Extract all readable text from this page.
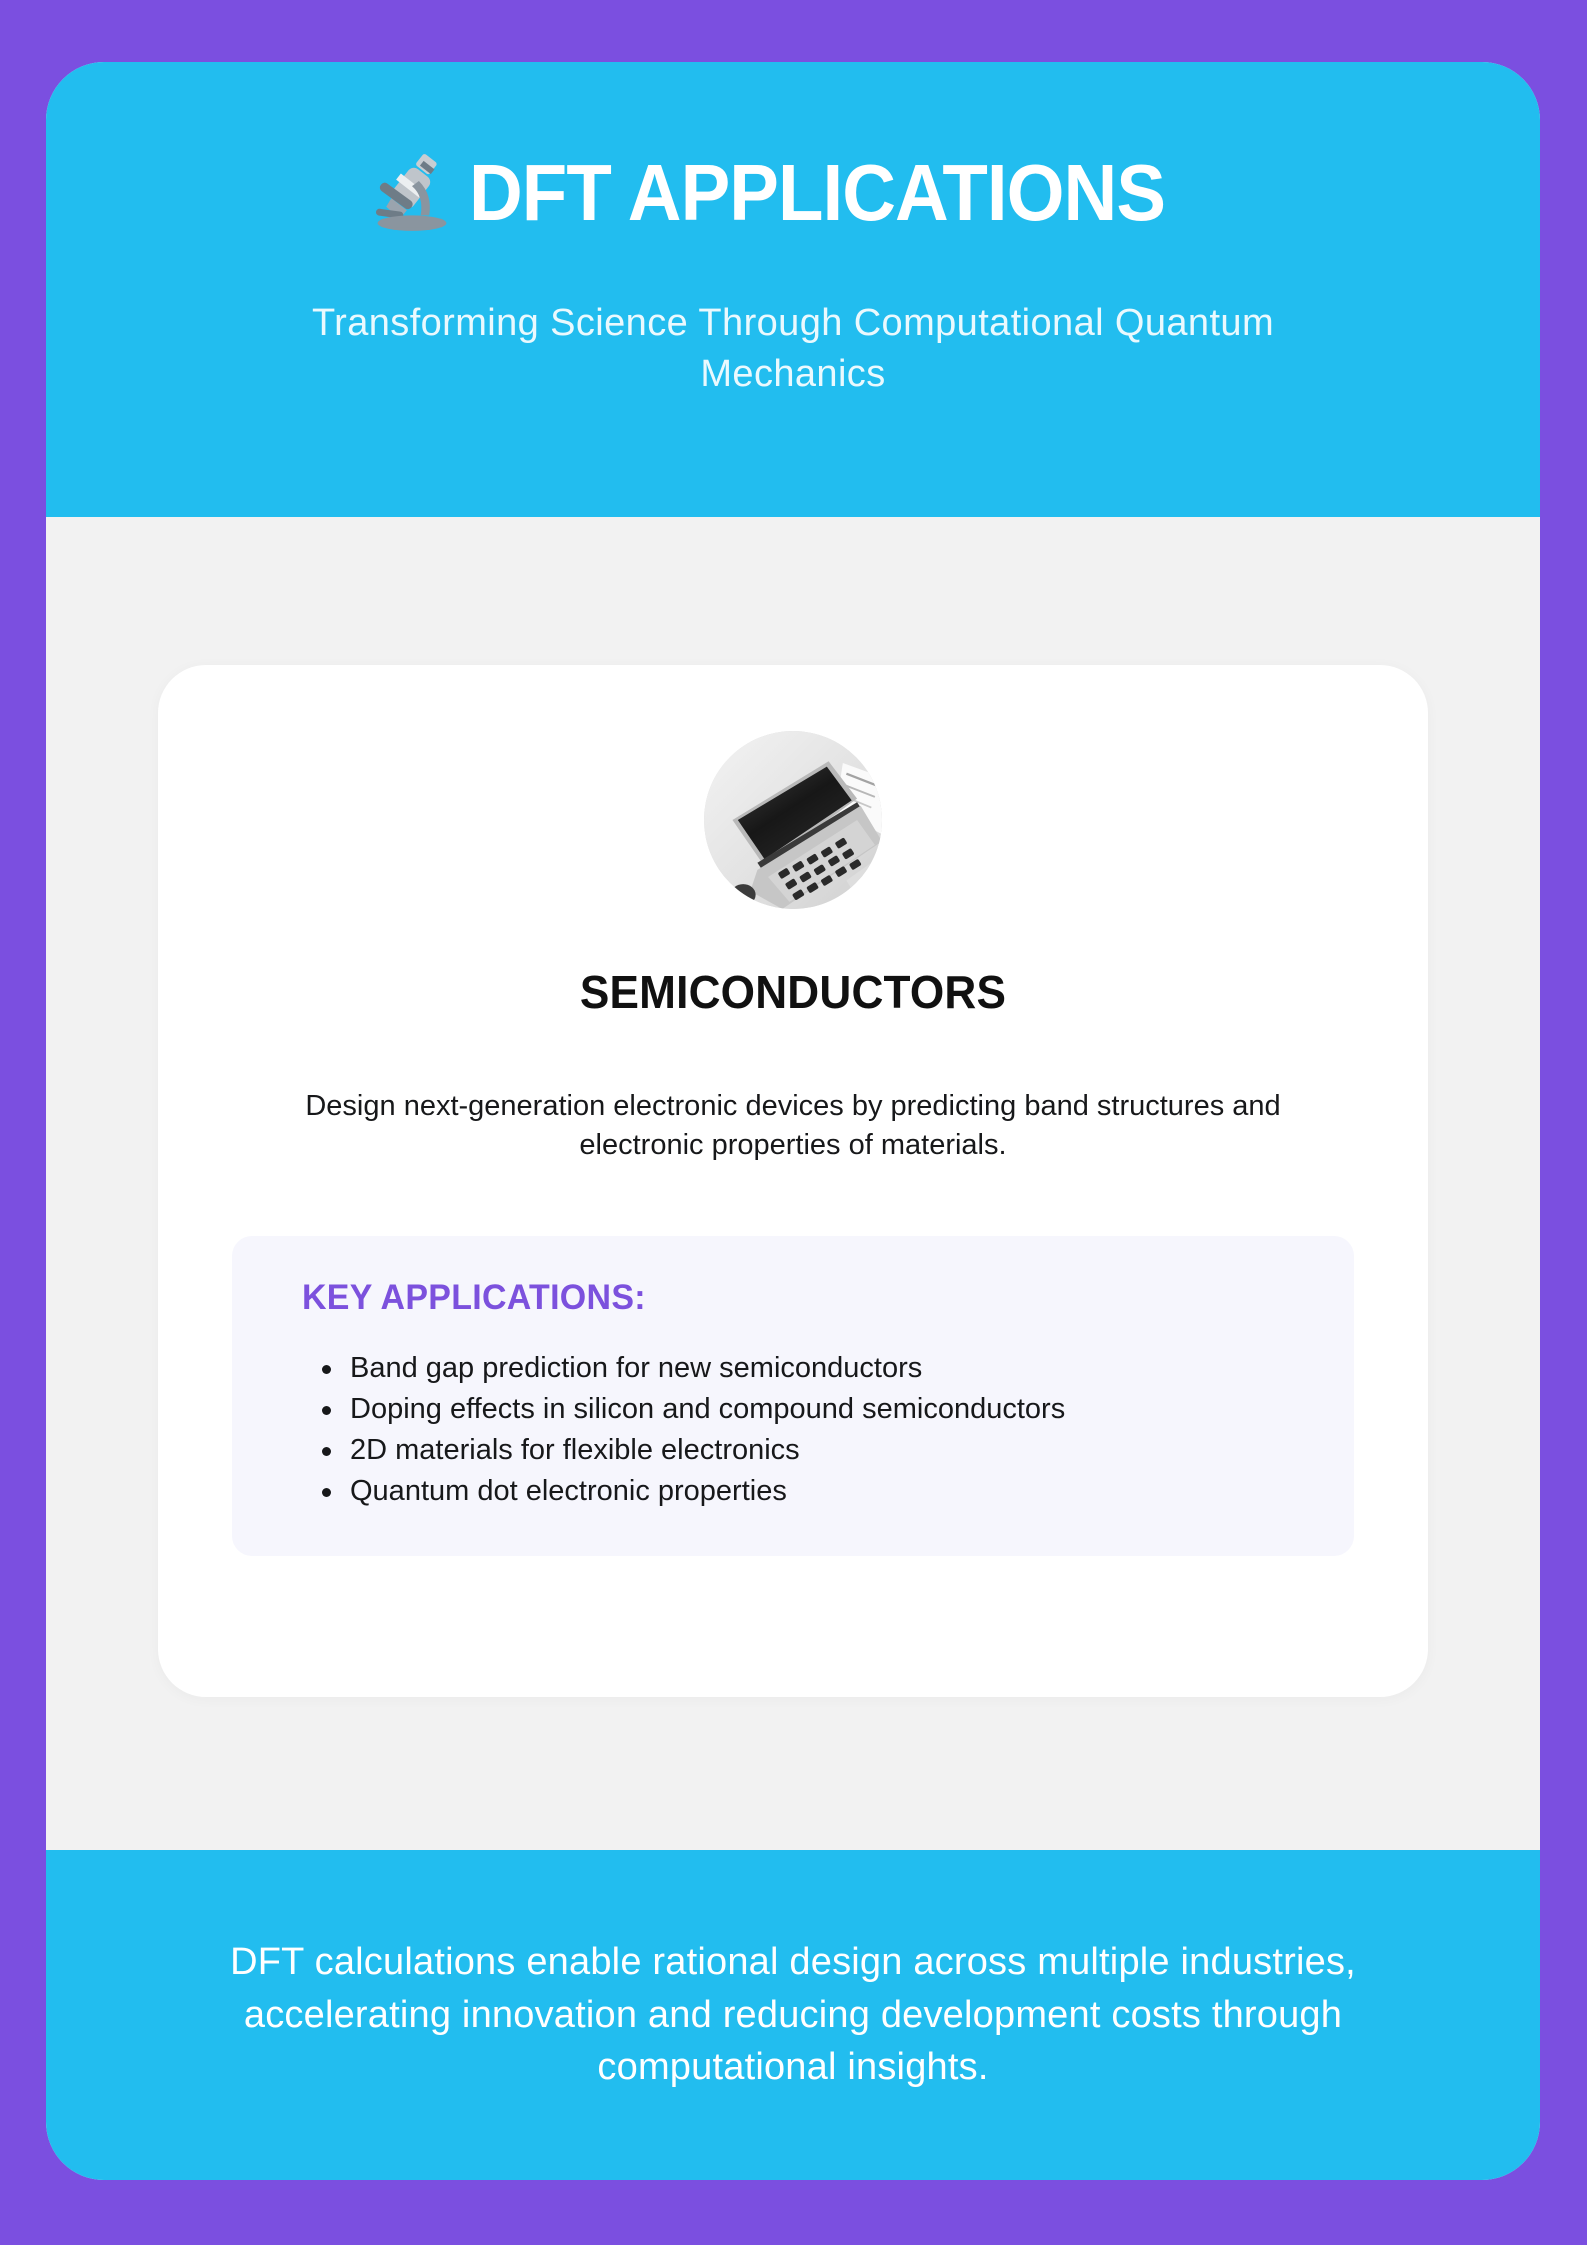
DFT APPLICATIONS

Transforming Science Through Computational Quantum Mechanics

SEMICONDUCTORS

Design next-generation electronic devices by predicting band structures and electronic properties of materials.

KEY APPLICATIONS:
Band gap prediction for new semiconductors
Doping effects in silicon and compound semiconductors
2D materials for flexible electronics
Quantum dot electronic properties

DFT calculations enable rational design across multiple industries, accelerating innovation and reducing development costs through computational insights.
